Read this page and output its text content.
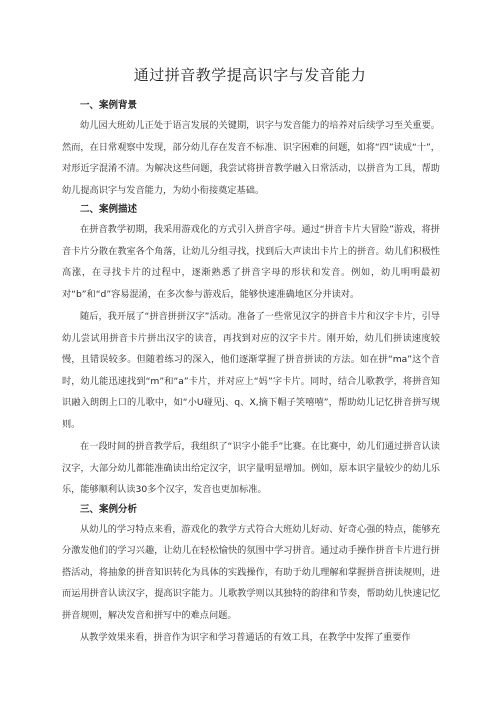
通过拼音教学提高识字与发音能力
一、案例背景

幼儿园大班幼儿正处于语言发展的关键期，识字与发音能力的培养对后续学习至关重要。然而，在日常观察中发现，部分幼儿存在发音不标准、识字困难的问题，如将“四”读成“十”，对形近字混淆不清。为解决这些问题，我尝试将拼音教学融入日常活动，以拼音为工具，帮助幼儿提高识字与发音能力，为幼小衔接奠定基础。

二、案例描述

在拼音教学初期，我采用游戏化的方式引入拼音字母。通过“拼音卡片大冒险”游戏，将拼音卡片分散在教室各个角落，让幼儿分组寻找，找到后大声读出卡片上的拼音。幼儿们积极性高涨，在寻找卡片的过程中，逐渐熟悉了拼音字母的形状和发音。例如，幼儿明明最初对“b”和“d”容易混淆，在多次参与游戏后，能够快速准确地区分并读对。

随后，我开展了“拼音拼拼汉字”活动。准备了一些常见汉字的拼音卡片和汉字卡片，引导幼儿尝试用拼音卡片拼出汉字的读音，再找到对应的汉字卡片。刚开始，幼儿们拼读速度较慢，且错误较多。但随着练习的深入，他们逐渐掌握了拼音拼读的方法。如在拼“ma”这个音时，幼儿能迅速找到“m”和“a”卡片，并对应上“妈”字卡片。同时，结合儿歌教学，将拼音知识融入朗朗上口的儿歌中，如“小U碰见j、q、X,摘下帽子笑嘻嘻”，帮助幼儿记忆拼音拼写规则。

在一段时间的拼音教学后，我组织了“识字小能手”比赛。在比赛中，幼儿们通过拼音认读汉字，大部分幼儿都能准确读出给定汉字，识字量明显增加。例如，原本识字量较少的幼儿乐乐，能够顺利认读30多个汉字，发音也更加标准。

三、案例分析

从幼儿的学习特点来看，游戏化的教学方式符合大班幼儿好动、好奇心强的特点，能够充分激发他们的学习兴趣，让幼儿在轻松愉快的氛围中学习拼音。通过动手操作拼音卡片进行拼搭活动，将抽象的拼音知识转化为具体的实践操作，有助于幼儿理解和掌握拼音拼读规则，进而运用拼音认读汉字，提高识字能力。儿歌教学则以其独特的韵律和节奏，帮助幼儿快速记忆拼音规则，解决发音和拼写中的难点问题。

从教学效果来看，拼音作为识字和学习普通话的有效工具，在教学中发挥了重要作
